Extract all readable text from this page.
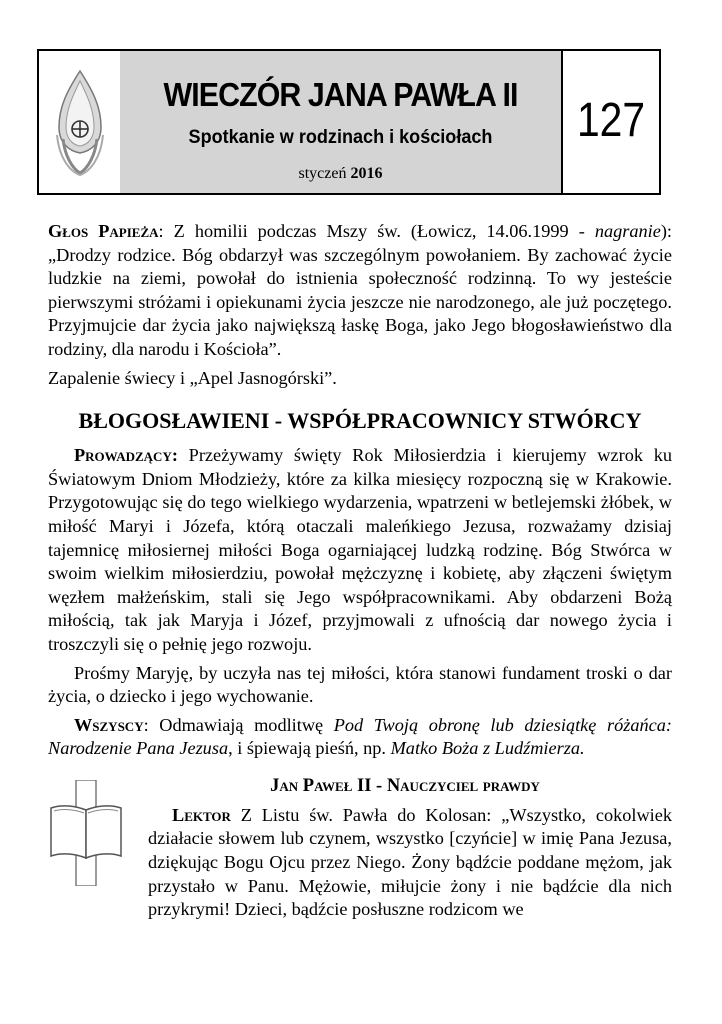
WIECZÓR JANA PAWŁA II
Spotkanie w rodzinach i kościołach
styczeń 2016
127

Głos Papieża: Z homilii podczas Mszy św. (Łowicz, 14.06.1999 - nagranie): „Drodzy rodzice. Bóg obdarzył was szczególnym powołaniem. By zachować życie ludzkie na ziemi, powołał do istnienia społeczność rodzinną. To wy jesteście pierwszymi stróżami i opiekunami życia jeszcze nie narodzonego, ale już poczętego. Przyjmujcie dar życia jako największą łaskę Boga, jako Jego błogosławieństwo dla rodziny, dla narodu i Kościoła”.

Zapalenie świecy i „Apel Jasnogórski”.

BŁOGOSŁAWIENI - WSPÓŁPRACOWNICY STWÓRCY

Prowadzący: Przeżywamy święty Rok Miłosierdzia i kierujemy wzrok ku Światowym Dniom Młodzieży, które za kilka miesięcy rozpoczną się w Krakowie. Przygotowując się do tego wielkiego wydarzenia, wpatrzeni w betlejemski żłóbek, w miłość Maryi i Józefa, którą otaczali maleńkiego Jezusa, rozważamy dzisiaj tajemnicę miłosiernej miłości Boga ogarniającej ludzką rodzinę. Bóg Stwórca w swoim wielkim miłosierdziu, powołał mężczyznę i kobietę, aby złączeni świętym węzłem małżeńskim, stali się Jego współpracownikami. Aby obdarzeni Bożą miłością, tak jak Maryja i Józef, przyjmowali z ufnością dar nowego życia i troszczyli się o pełnię jego rozwoju.

Prośmy Maryję, by uczyła nas tej miłości, która stanowi fundament troski o dar życia, o dziecko i jego wychowanie.

Wszyscy: Odmawiają modlitwę Pod Twoją obronę lub dziesiątkę różańca: Narodzenie Pana Jezusa, i śpiewają pieśń, np. Matko Boża z Ludźmierza.

Jan Paweł II - Nauczyciel prawdy

Lektor Z Listu św. Pawła do Kolosan: „Wszystko, cokolwiek działacie słowem lub czynem, wszystko [czyńcie] w imię Pana Jezusa, dziękując Bogu Ojcu przez Niego. Żony bądźcie poddane mężom, jak przystało w Panu. Mężowie, miłujcie żony i nie bądźcie dla nich przykrymi! Dzieci, bądźcie posłuszne rodzicom we
